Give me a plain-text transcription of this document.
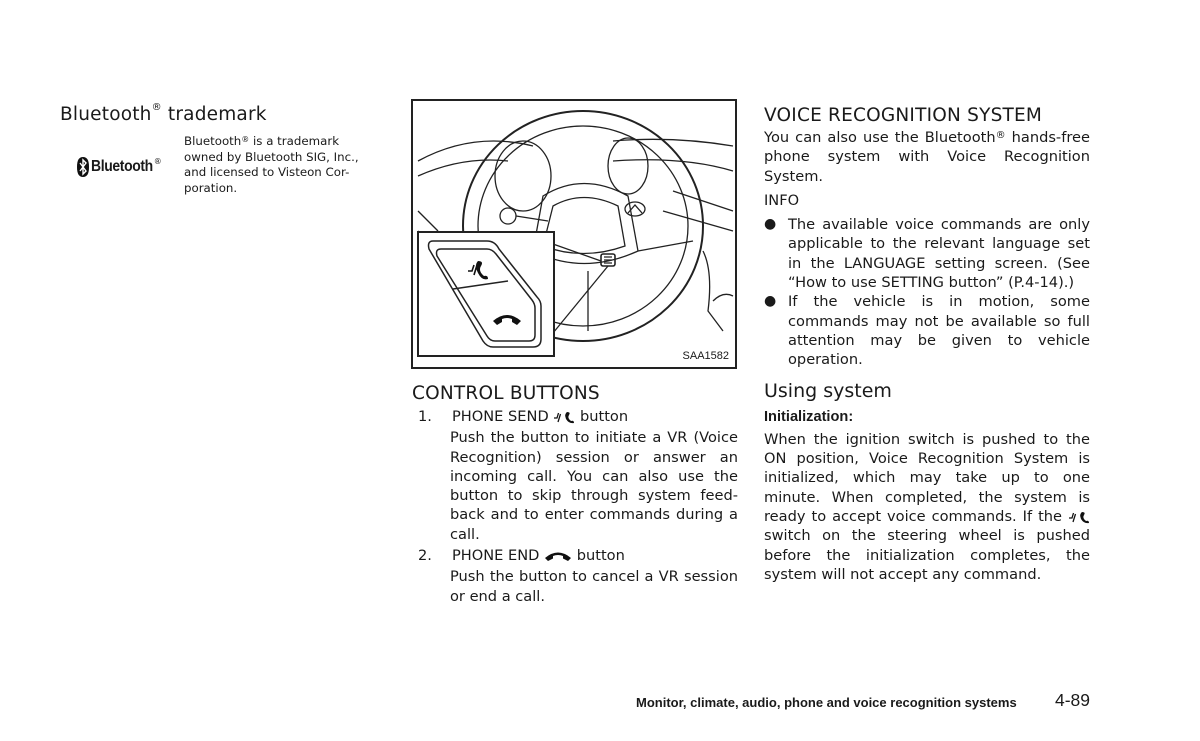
Bluetooth® trademark
Bluetooth ®
Bluetooth® is a trademark
owned by Bluetooth SIG, Inc.,
and licensed to Visteon Cor-
poration.
SAA1582
CONTROL BUTTONS
1.	PHONE SEND button
Push the button to initiate a VR (Voice Recognition) session or answer an incoming call. You can also use the button to skip through system feed-back and to enter commands during a call.
2.	PHONE END	button
Push the button to cancel a VR session or end a call.
VOICE RECOGNITION SYSTEM
You can also use the Bluetooth® hands-free phone system with Voice Recognition System.
INFO
● The available voice commands are only applicable to the relevant language set in the LANGUAGE setting screen. (See “How to use SETTING button” (P.4-14).)
● If the vehicle is in motion, some commands may not be available so full attention may be given to vehicle operation.
Using system
Initialization:
When the ignition switch is pushed to the ON position, Voice Recognition System is initialized, which may take up to one minute. When completed, the system is ready to accept voice commands. If the  switch on the steering wheel is pushed before the initialization completes, the system will not accept any command.
Monitor, climate, audio, phone and voice recognition systems 4-89
